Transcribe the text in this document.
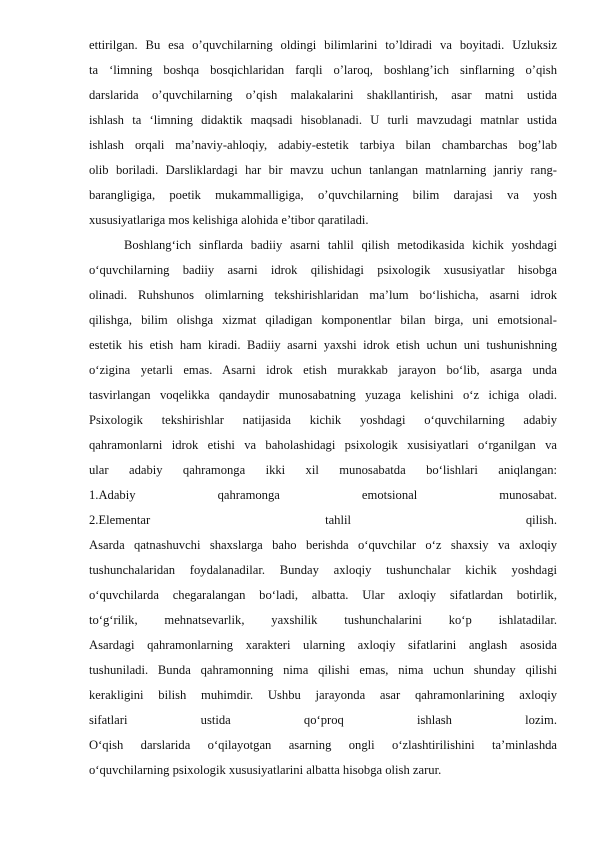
ettirilgan. Bu esa o’quvchilarning oldingi bilimlarini to’ldiradi va boyitadi. Uzluksiz
ta ‘limning boshqa bosqichlaridan farqli o’laroq, boshlang’ich sinflarning o’qish
darslarida o’quvchilarning o’qish malakalarini shakllantirish, asar matni ustida
ishlash ta ‘limning didaktik maqsadi hisoblanadi. U turli mavzudagi matnlar ustida
ishlash orqali ma’naviy-ahloqiy, adabiy-estetik tarbiya bilan chambarchas bog’lab
olib boriladi. Darsliklardagi har bir mavzu uchun tanlangan matnlarning janriy rang-
barangligiga, poetik mukammalligiga, o’quvchilarning bilim darajasi va yosh
xususiyatlariga mos kelishiga alohida e’tibor qaratiladi.
Boshlang‘ich sinflarda badiiy asarni tahlil qilish metodikasida kichik yoshdagi
o‘quvchilarning badiiy asarni idrok qilishidagi psixologik xususiyatlar hisobga
olinadi. Ruhshunos olimlarning tekshirishlaridan ma’lum bo‘lishicha, asarni idrok
qilishga, bilim olishga xizmat qiladigan komponentlar bilan birga, uni emotsional-
estetik his etish ham kiradi. Badiiy asarni yaxshi idrok etish uchun uni tushunishning
o‘zigina yetarli emas. Asarni idrok etish murakkab jarayon bo‘lib, asarga unda
tasvirlangan voqelikka qandaydir munosabatning yuzaga kelishini o‘z ichiga oladi.
Psixologik tekshirishlar natijasida kichik yoshdagi o‘quvchilarning adabiy
qahramonlarni idrok etishi va baholashidagi psixologik xusisiyatlari o‘rganilgan va
ular adabiy qahramonga ikki xil munosabatda bo‘lishlari aniqlangan:
1.Adabiy qahramonga emotsional munosabat.
2.Elementar tahlil qilish.
Asarda qatnashuvchi shaxslarga baho berishda o‘quvchilar o‘z shaxsiy va axloqiy
tushunchalaridan foydalanadilar. Bunday axloqiy tushunchalar kichik yoshdagi
o‘quvchilarda chegaralangan bo‘ladi, albatta. Ular axloqiy sifatlardan botirlik,
to‘g‘rilik, mehnatsevarlik, yaxshilik tushunchalarini ko‘p ishlatadilar.
Asardagi qahramonlarning xarakteri ularning axloqiy sifatlarini anglash asosida
tushuniladi. Bunda qahramonning nima qilishi emas, nima uchun shunday qilishi
kerakligini bilish muhimdir. Ushbu jarayonda asar qahramonlarining axloqiy
sifatlari ustida qo‘proq ishlash lozim.
O‘qish darslarida o‘qilayotgan asarning ongli o‘zlashtirilishini ta’minlashda
o‘quvchilarning psixologik xususiyatlarini albatta hisobga olish zarur.
